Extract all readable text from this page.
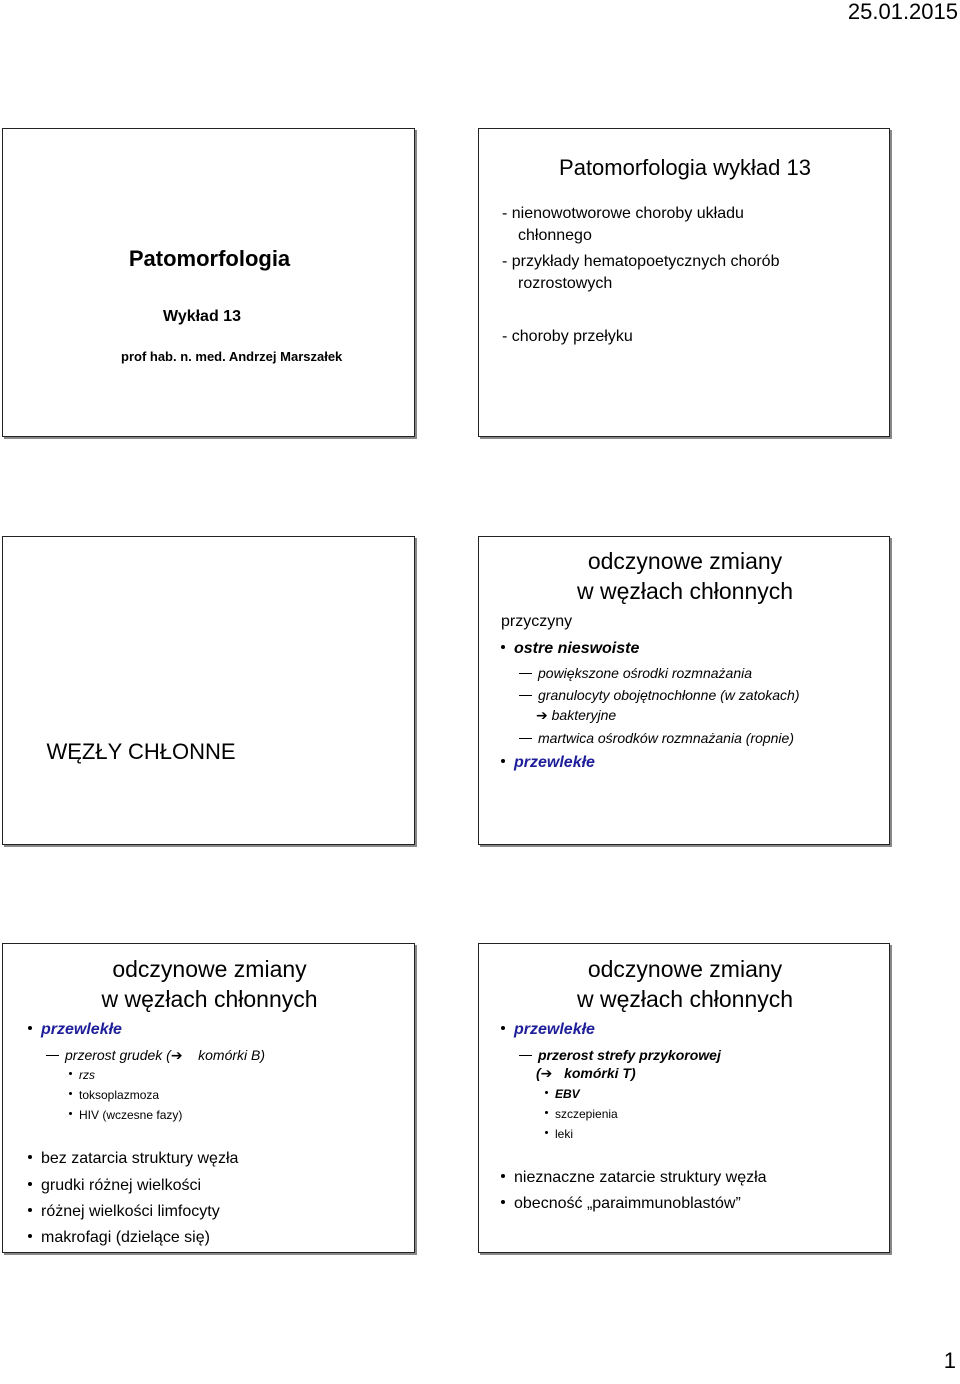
25.01.2015
Patomorfologia
Wykład 13
prof hab. n. med. Andrzej Marszałek
Patomorfologia wykład 13
- nienowotworowe choroby układu
chłonnego
- przykłady hematopoetycznych chorób
rozrostowych
- choroby przełyku
WĘZŁY CHŁONNE
odczynowe zmiany
w węzłach chłonnych
przyczyny
ostre nieswoiste
powiększone ośrodki rozmnażania
granulocyty obojętnochłonne (w zatokach)
➔ bakteryjne
martwica ośrodków rozmnażania (ropnie)
przewlekłe
odczynowe zmiany
w węzłach chłonnych
przewlekłe
przerost grudek (➔ komórki B)
rzs
toksoplazmoza
HIV (wczesne fazy)
bez zatarcia struktury węzła
grudki różnej wielkości
różnej wielkości limfocyty
makrofagi (dzielące się)
odczynowe zmiany
w węzłach chłonnych
przewlekłe
przerost strefy przykorowej
(➔ komórki T)
EBV
szczepienia
leki
nieznaczne zatarcie struktury węzła
obecność „paraimmunoblastów”
1
